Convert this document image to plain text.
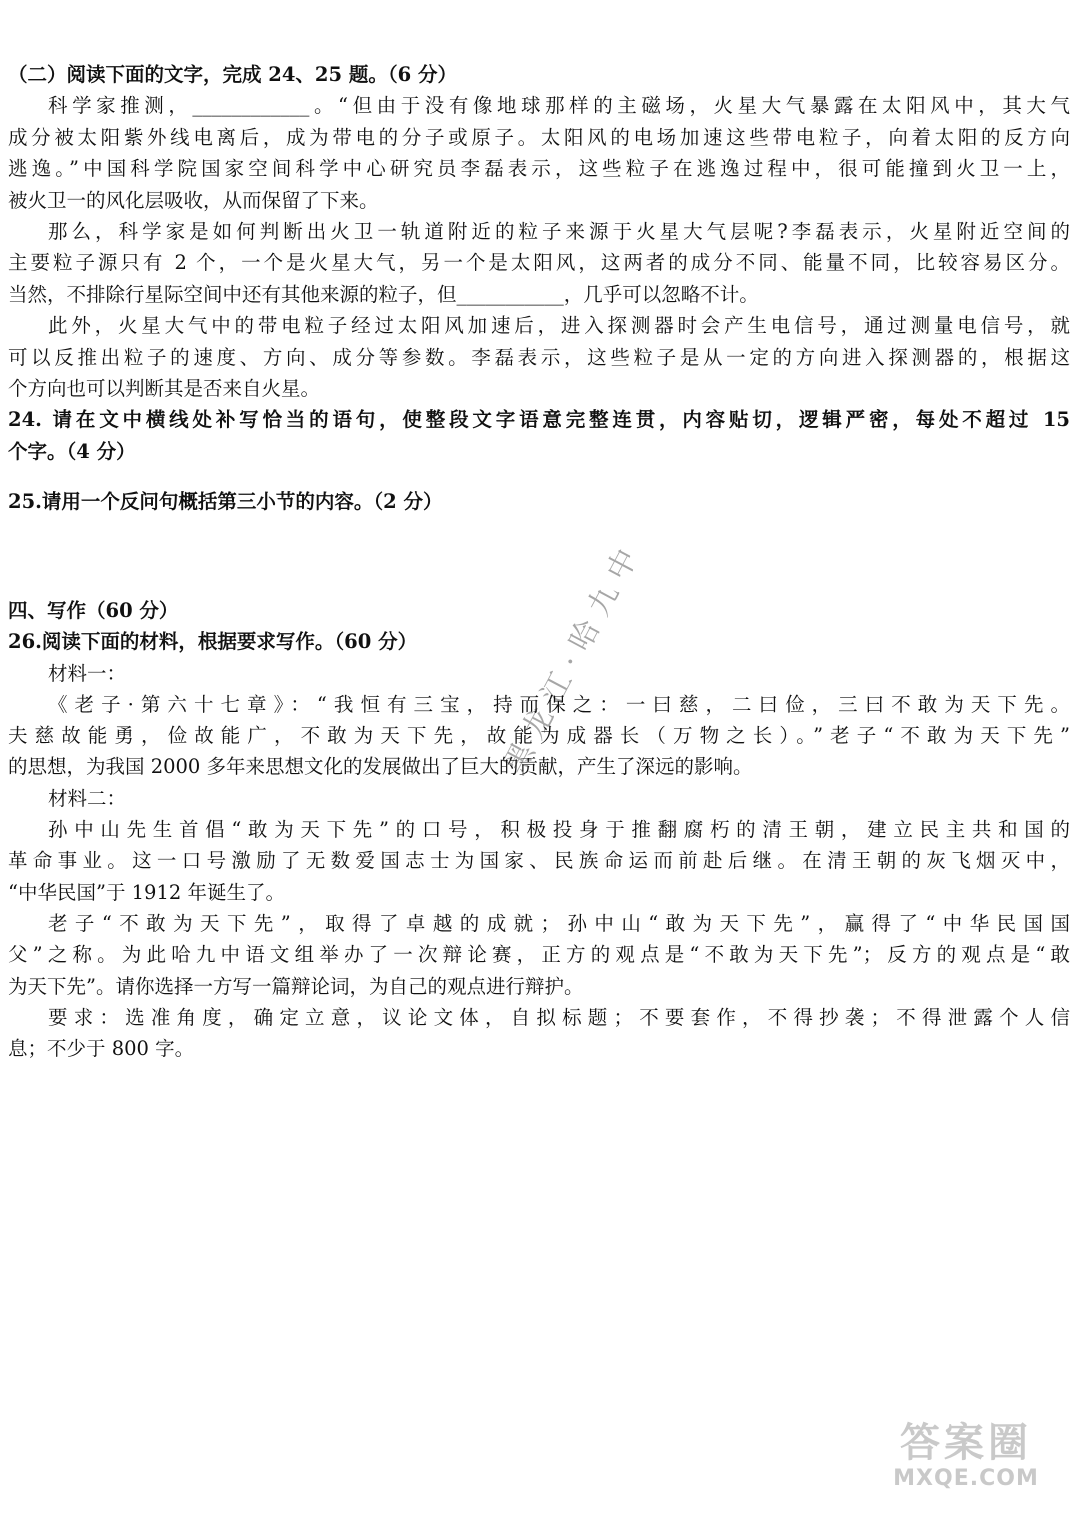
（二）阅读下面的文字，完成 24、25 题。（6 分）
科学家推测，____________。“但由于没有像地球那样的主磁场，火星大气暴露在太阳风中，其大气
成分被太阳紫外线电离后，成为带电的分子或原子。太阳风的电场加速这些带电粒子，向着太阳的反方向
逃逸。”中国科学院国家空间科学中心研究员李磊表示，这些粒子在逃逸过程中，很可能撞到火卫一上，
被火卫一的风化层吸收，从而保留了下来。
那么，科学家是如何判断出火卫一轨道附近的粒子来源于火星大气层呢?李磊表示，火星附近空间的
主要粒子源只有 2 个，一个是火星大气，另一个是太阳风，这两者的成分不同、能量不同，比较容易区分。
当然，不排除行星际空间中还有其他来源的粒子，但___________，几乎可以忽略不计。
此外，火星大气中的带电粒子经过太阳风加速后，进入探测器时会产生电信号，通过测量电信号，就
可以反推出粒子的速度、方向、成分等参数。李磊表示，这些粒子是从一定的方向进入探测器的，根据这
个方向也可以判断其是否来自火星。
24. 请在文中横线处补写恰当的语句，使整段文字语意完整连贯，内容贴切，逻辑严密，每处不超过 15
个字。（4 分）
25.请用一个反问句概括第三小节的内容。（2 分）
四、写作（60 分）
26.阅读下面的材料，根据要求写作。（60 分）
材料一：
《老子·第六十七章》：“我恒有三宝，持而保之：一曰慈，二曰俭，三曰不敢为天下先。
夫慈故能勇，俭故能广，不敢为天下先，故能为成器长（万物之长）。”老子“不敢为天下先”
的思想，为我国 2000 多年来思想文化的发展做出了巨大的贡献，产生了深远的影响。
材料二：
孙中山先生首倡“敢为天下先”的口号，积极投身于推翻腐朽的清王朝，建立民主共和国的
革命事业。这一口号激励了无数爱国志士为国家、民族命运而前赴后继。在清王朝的灰飞烟灭中，
“中华民国”于 1912 年诞生了。
老子“不敢为天下先”，取得了卓越的成就；孙中山“敢为天下先”，赢得了“中华民国国
父”之称。为此哈九中语文组举办了一次辩论赛，正方的观点是“不敢为天下先”；反方的观点是“敢
为天下先”。请你选择一方写一篇辩论词，为自己的观点进行辩护。
要求：选准角度，确定立意，议论文体，自拟标题；不要套作，不得抄袭；不得泄露个人信
息；不少于 800 字。
黑龙江·哈九中
答案圈
MXQE.COM
